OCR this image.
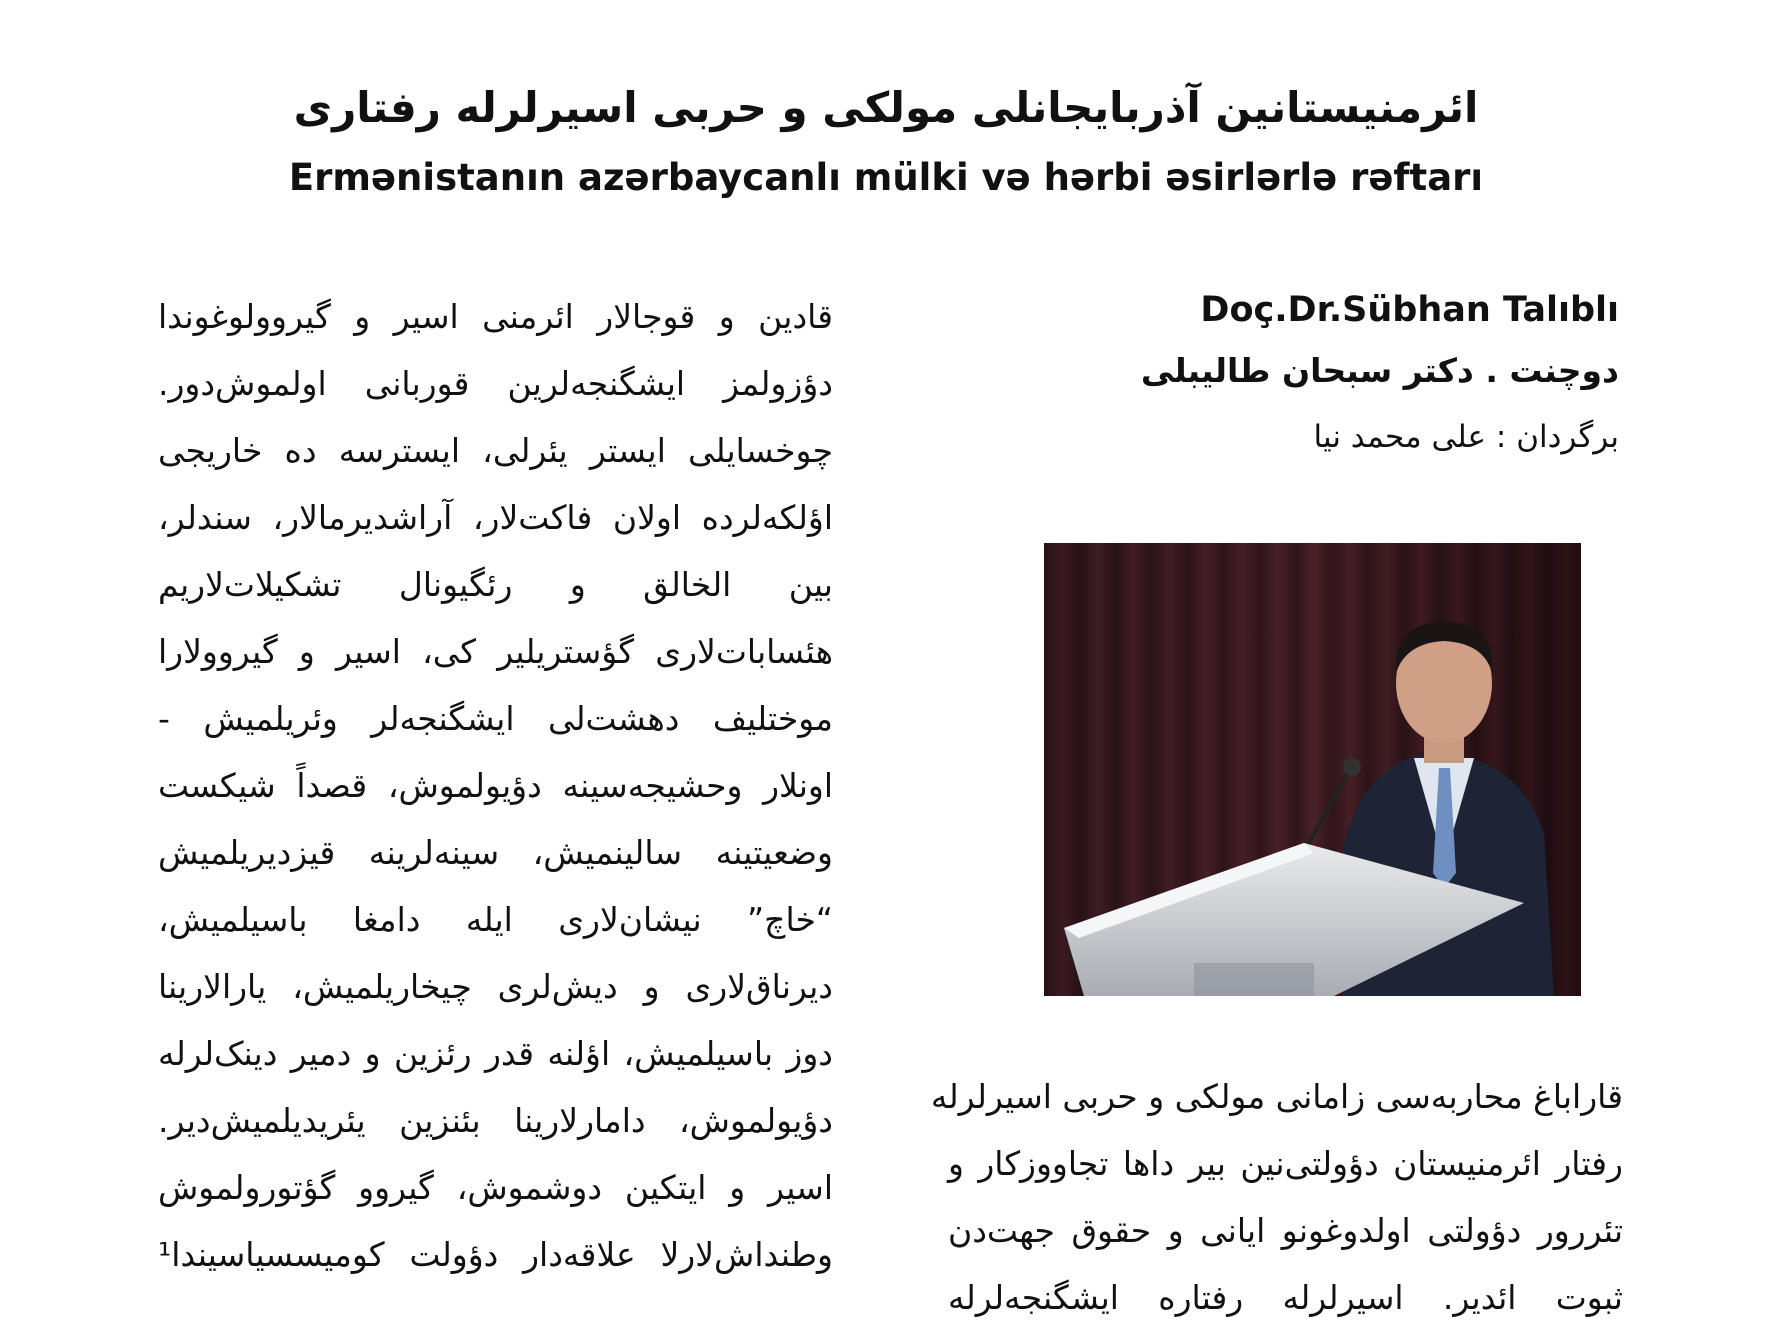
ائرمنیستانین آذربایجانلی مولکی و حربی اسیرلرله رفتاری
Ermənistanın azərbaycanlı mülki və hərbi əsirlərlə rəftarı
قادین و قوجالار ائرمنی اسیر و گیروولوغوندا
دؤزولمز ایشگنجه‌لرین قوربانی اولموش‌دور.
چوخسایلی ایستر یئرلی، ایسترسه ده خاریجی
اؤلکه‌لرده اولان فاکت‌لار، آراشدیرمالار، سندلر،
بین الخالق و رئگیونال تشکیلات‌لاریم
هئسابات‌لاری گؤستریلیر کی، اسیر و گیروولارا
موختلیف دهشت‌لی ایشگنجه‌لر وئریلمیش -
اونلار وحشیجه‌سینه دؤیولموش، قصداً شیکست
وضعیتینه سالینمیش، سینه‌لرینه قیزدیریلمیش
“خاچ” نیشان‌لاری ایله دامغا باسیلمیش،
دیرناق‌لاری و دیش‌لری چیخاریلمیش، یارالارینا
دوز باسیلمیش، اؤلنه قدر رئزین و دمیر دینک‌لرله
دؤیولموش، دامارلارینا بئنزین یئریدیلمیش‌دیر.
اسیر و ایتکین دوشموش، گیروو گؤتورولموش
وطنداش‌لارلا علاقه‌دار دؤولت کومیسسیاسیندا¹
Doç.Dr.Sübhan Talıblı
دوچنت . دکتر سبحان طالیبلی
برگردان : علی محمد نیا
قاراباغ محاربه‌سی زامانی مولکی و حربی اسیرلرله
رفتار ائرمنیستان دؤولتی‌نین بیر داها تجاووزکار و
تئررور دؤولتی اولدوغونو ایانی و حقوق جهت‌دن
ثبوت ائدیر. اسیرلرله رفتاره ایشگنجه‌لرله
